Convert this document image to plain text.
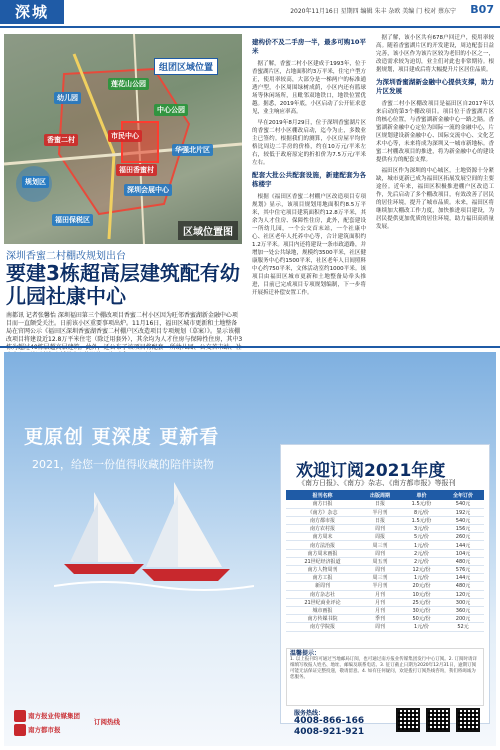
深城	2020年11月16日 星期四 编辑 朱丰 杂欧 美编 门 校对 蔡东宁 B07
组团区域位置
幼儿园
莲花山公园
中心公园
华强北片区
市民中心
福田香蜜村
深圳会展中心
福田保税区
规划区
香蜜二村
区域位置图
深圳香蜜二村棚改规划出台
要建3栋超高层建筑配有幼儿园社康中心
南都讯 记者张馨怡 深圳福田第三个棚改项目香蜜二村小区因为旺邻香蜜湖新金融中心项目而一直颇受关注。日前该小区重要事项出炉。11月16日，福田区城市更新和土地整备局在官网公示《福田区深圳香蜜湖香蜜二村棚户区改造项目专项规划（草案）》。显示该棚改项目将建设近12.8万平米住宅（除迁用套外），其余均为人才住房与保障性住房，其中3
建构价不及二手房一半，最多可购10平米

据了解，香蜜二村小区建成于1993年，位于香蜜湖片区，占地面积约3万平米，住宅户型方正，使用率较高，大部分是一梯两户的标准通透户型，小区周围绿树成荫，小区内还有篮球场等休闲场所，且毗邻双地铁口，地铁位置优越。据悉，2019年底，小区启动了公开征求意见，业主响应率高。

早在2019年8月29日，位于深圳香蜜湖片区的香蜜二村小区棚改启动，迄今为止，多数业主已签约。根据我们的测算，小区房屋平均价格比周边二手房的价格，约在10万元/平米左右，较低于政府原定的折扣价为7.5万元/平米左右。

配套大批公共配套设施，新建配套为各栋楼宇

根据《福田区香蜜二村棚户区改造项目专项规划》显示，该项目规划用地面积约8.5万平米，其中住宅项目建筑面积约12.8万平米，其余为人才住房、保障性住房，此外，配套建设一所幼儿园，一个公交首末站，一个社康中心、社区老年人托养中心等，合计建筑面积约1.2万平米。项目内还将建设一条市政道路，并增加一处公共绿地，规模约3500平米，社区健康服务中心约1500平米，社区老年人日间照料中心约750平米，文体活动室约1000平米。该项目由福田区城市更新和土地整备局牵头推进，目前已完成项目专项规划编制，下一步将开展拆迁补偿安置工作。

据了解，该小区共有678户回迁户，使用率较高。随着香蜜湖片区的开发建设，周边配套日益完善，该小区作为该片区较为老旧的小区之一，改造需求较为迫切，业主们对此也非常期待。根据规划，项目建成后将大幅提升片区居住品质。

为深圳香蜜湖新金融中心提供支撑，助力片区发展

香蜜二村小区棚改项目是福田区自2017年以来启动的第3个棚改项目。项目位于香蜜湖片区的核心位置，与香蜜湖新金融中心一路之隔。香蜜湖新金融中心定位为国际一流的金融中心，片区规划建设新金融中心、国际交流中心、文化艺术中心等，未来将成为深圳又一城市新地标。香蜜二村棚改项目的推进，将为新金融中心的建设提供有力的配套支撑。

福田区作为深圳的中心城区，土地资源十分紧缺，城市更新已成为福田区拓展发展空间的主要途径。近年来，福田区积极推进棚户区改造工作，先后启动了多个棚改项目，有效改善了居民的居住环境，提升了城市品质。未来，福田区将继续加大棚改工作力度，加快推进项目建设，为居民提供更加优质的居住环境，助力福田高质量发展。

更原创 更深度 更新看
2021，给您一份值得收藏的陪伴读物	欢迎订阅2021年度
《南方日报》、《南方》杂志、《南方都市报》等报刊
报刊名称	出版周期	单价	全年订价
南方日报	日报	1.5元/份	540元
《南方》杂志	半月刊	8元/份	192元
南方都市报	日报	1.5元/份	540元
南方农村报	周刊	3元/份	156元
南方周末	周报	5元/份	260元
南方法治报	周三刊	1元/份	144元
南方周末画报	周刊	2元/份	104元
21世纪经济报道	周五刊	2元/份	480元
南方人物周刊	周刊	12元/份	576元
南方工报	周三刊	1元/份	144元
新周刊	半月刊	20元/份	480元
南方杂志社	月刊	10元/份	120元
21世纪商业评论	月刊	25元/份	300元
城市画报	月刊	30元/份	360元
南方传媒书院	季刊	50元/份	200元
南方学院报	周刊	1元/份	52元
温馨提示：
1. 以上报刊均可通过当地邮局订阅，也可通过南方报业传媒集团发行中心订阅。2. 订阅时请详细填写收报人姓名、地址、邮编及联系电话。3. 征订截止日期为2020年12月31日，逾期订阅可能无法保证完整投递，敬请留意。4. 如有任何疑问，欢迎拨打订阅热线咨询，我们将竭诚为您服务。
南方报业传媒集团
南方都市报
订阅热线
服务热线：
4008-866-166
4008-921-921
